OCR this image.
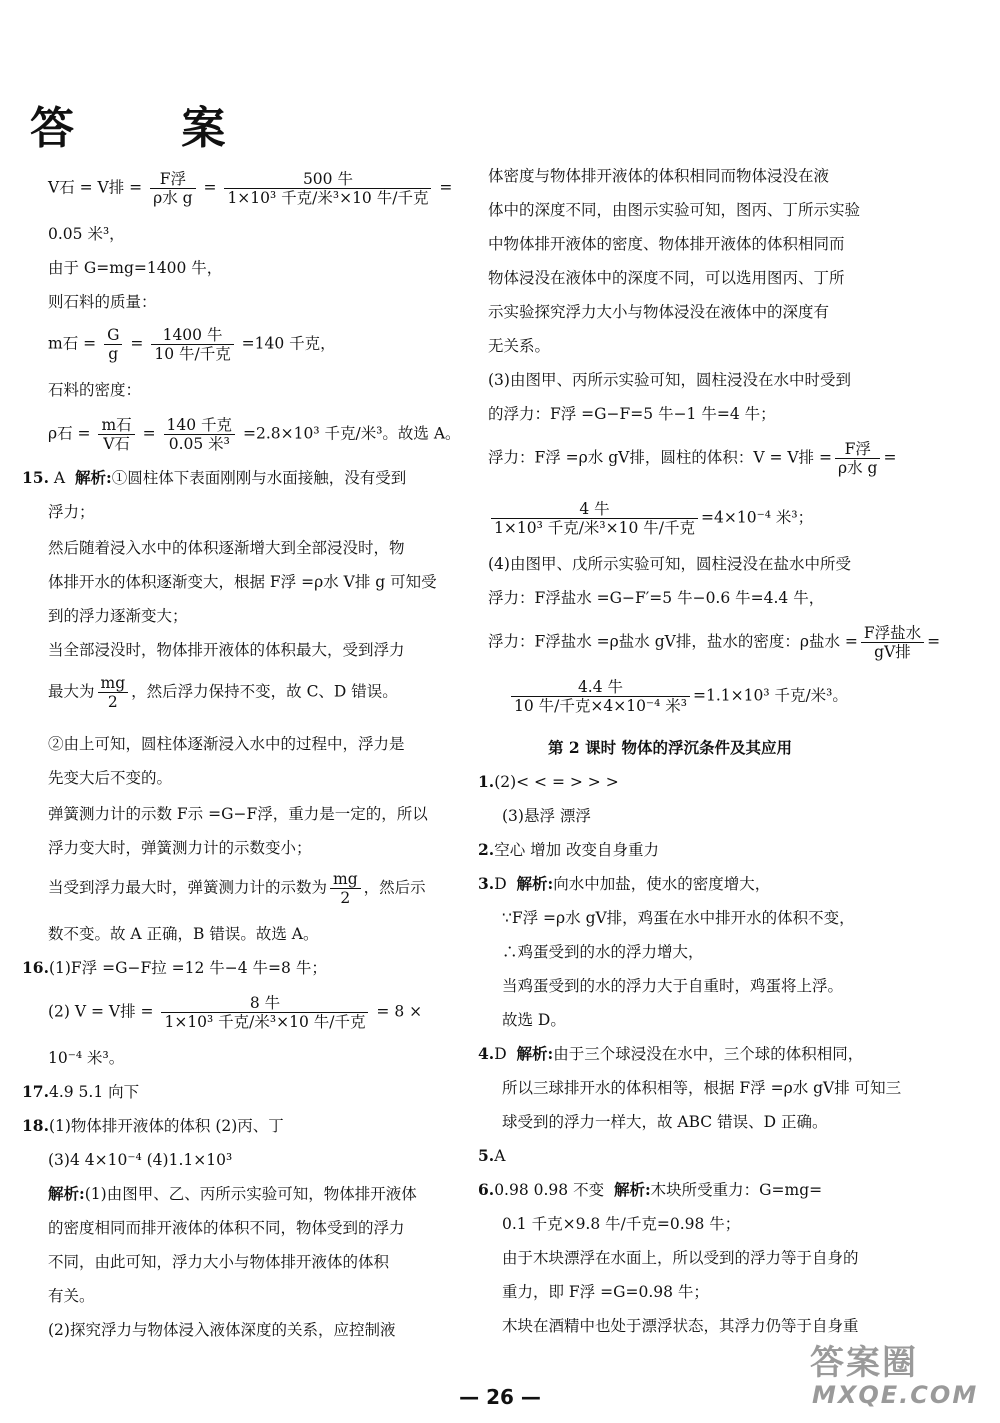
答 案
V石 = V排 = $\frac{\text{F浮}}{\text{ρ水 g}} = \frac{\text{500 牛}}{\text{1×10³ 千克/米³×10 牛/千克}}$ =
0.05 米³，
由于 G=mg=1400 牛，
则石料的质量：
m石 = $\frac{G}{g} = \frac{\text{1400 牛}}{\text{10 牛/千克}} =140$ 千克，
石料的密度：
ρ石 = $\frac{\text{m石}}{\text{V石}} = \frac{\text{140 千克}}{\text{0.05 米³}} =2.8\times 10^3$ 千克/米³。故选 A。
15. A 解析:①圆柱体下表面刚刚与水面接触，没有受到
浮力；
然后随着浸入水中的体积逐渐增大到全部浸没时，物
体排开水的体积逐渐变大，根据 F浮 =ρ水 V排 g 可知受
到的浮力逐渐变大；
当全部浸没时，物体排开液体的体积最大，受到浮力
最大为 $\frac{mg}{2}$ ，然后浮力保持不变，故 C、D 错误。
②由上可知，圆柱体逐渐浸入水中的过程中，浮力是
先变大后不变的。
弹簧测力计的示数 F示 =G−F浮，重力是一定的，所以
浮力变大时，弹簧测力计的示数变小；
当受到浮力最大时，弹簧测力计的示数为 $\frac{mg}{2}$ ，然后示
数不变。故 A 正确，B 错误。故选 A。
16.(1)F浮 =G−F拉 =12 牛−4 牛=8 牛；
(2) V = V排 = $\frac{\text{8 牛}}{\text{1×10³ 千克/米³×10 牛/千克}} = 8$ ×
10⁻⁴ 米³。
17.4.9 5.1 向下
18.(1)物体排开液体的体积 (2)丙、丁
(3)4 4×10⁻⁴ (4)1.1×10³
解析:(1)由图甲、乙、丙所示实验可知，物体排开液体
的密度相同而排开液体的体积不同，物体受到的浮力
不同，由此可知，浮力大小与物体排开液体的体积
有关。
(2)探究浮力与物体浸入液体深度的关系，应控制液
体密度与物体排开液体的体积相同而物体浸没在液
体中的深度不同，由图示实验可知，图丙、丁所示实验
中物体排开液体的密度、物体排开液体的体积相同而
物体浸没在液体中的深度不同，可以选用图丙、丁所
示实验探究浮力大小与物体浸没在液体中的深度有
无关系。
(3)由图甲、丙所示实验可知，圆柱浸没在水中时受到
的浮力：F浮 =G−F=5 牛−1 牛=4 牛；
浮力：F浮 =ρ水 gV排，圆柱的体积：V = V排 = $\frac{\text{F浮}}{\text{ρ水 g}}$ =
$\frac{\text{4 牛}}{\text{1×10³ 千克/米³×10 牛/千克}} =4\times 10^{-4}$ 米³；
(4)由图甲、戊所示实验可知，圆柱浸没在盐水中所受
浮力：F浮盐水 =G−F′=5 牛−0.6 牛=4.4 牛，
浮力：F浮盐水 =ρ盐水 gV排，盐水的密度：ρ盐水 = $\frac{\text{F浮盐水}}{\text{gV排}}$ =
$\frac{\text{4.4 牛}}{\text{10 牛/千克×4×10⁻⁴ 米³}} =1.1\times 10^3$ 千克/米³。
第 2 课时 物体的浮沉条件及其应用
1.(2)< < = > > >
(3)悬浮 漂浮
2.空心 增加 改变自身重力
3.D 解析:向水中加盐，使水的密度增大，
∵F浮 =ρ水 gV排，鸡蛋在水中排开水的体积不变，
∴鸡蛋受到的水的浮力增大，
当鸡蛋受到的水的浮力大于自重时，鸡蛋将上浮。
故选 D。
4.D 解析:由于三个球浸没在水中，三个球的体积相同，
所以三球排开水的体积相等，根据 F浮 =ρ水 gV排 可知三
球受到的浮力一样大，故 ABC 错误、D 正确。
5.A
6.0.98 0.98 不变 解析:木块所受重力：G=mg=
0.1 千克×9.8 牛/千克=0.98 牛；
由于木块漂浮在水面上，所以受到的浮力等于自身的
重力，即 F浮 =G=0.98 牛；
木块在酒精中也处于漂浮状态，其浮力仍等于自身重
— 26 —
答案圈
MXQE.COM
